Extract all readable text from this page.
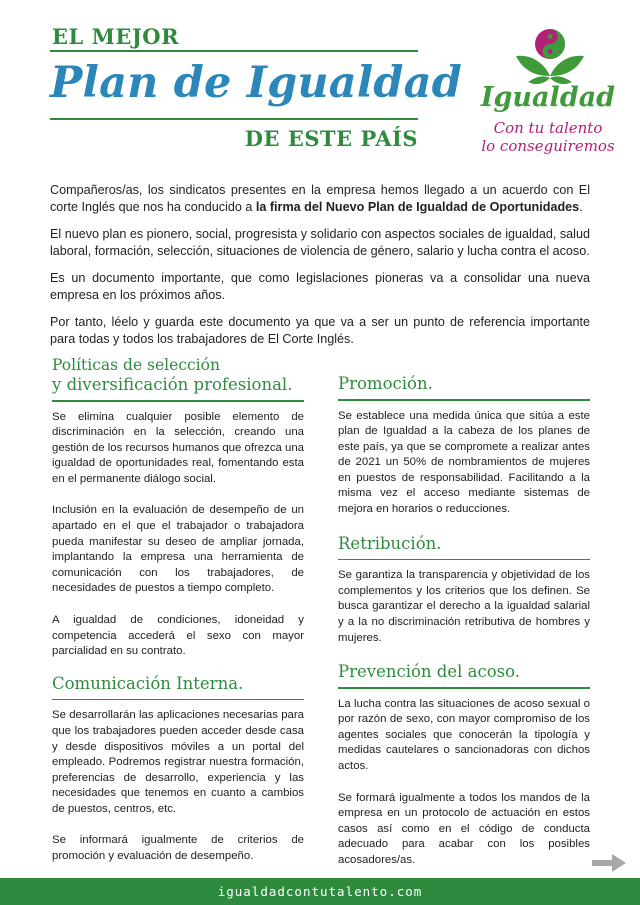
EL MEJOR
Plan de Igualdad
DE ESTE PAÍS
Igualdad
Con tu talento
lo conseguiremos

Compañeros/as, los sindicatos presentes en la empresa hemos llegado a un acuerdo con El corte Inglés que nos ha conducido a la firma del Nuevo Plan de Igualdad de Oportunidades.

El nuevo plan es pionero, social, progresista y solidario con aspectos sociales de igualdad, salud laboral, formación, selección, situaciones de violencia de género, salario y lucha contra el acoso.

Es un documento importante, que como legislaciones pioneras va a consolidar una nueva empresa en los próximos años.

Por tanto, léelo y guarda este documento ya que va a ser un punto de referencia importante para todas y todos los trabajadores de El Corte Inglés.

Políticas de selección
y diversificación profesional.

Se elimina cualquier posible elemento de discriminación en la selección, creando una gestión de los recursos humanos que ofrezca una igualdad de oportunidades real, fomentando esta en el permanente diálogo social.

Inclusión en la evaluación de desempeño de un apartado en el que el trabajador o trabajadora pueda manifestar su deseo de ampliar jornada, implantando la empresa una herramienta de comunicación con los trabajadores, de necesidades de puestos a tiempo completo.

A igualdad de condiciones, idoneidad y competencia accederá el sexo con mayor parcialidad en su contrato.

Comunicación Interna.

Se desarrollarán las aplicaciones necesarias para que los trabajadores pueden acceder desde casa y desde dispositivos móviles a un portal del empleado. Podremos registrar nuestra formación, preferencias de desarrollo, experiencia y las necesidades que tenemos en cuanto a cambios de puestos, centros, etc.

Se informará igualmente de criterios de promoción y evaluación de desempeño.

Promoción.

Se establece una medida única que sitúa a este plan de Igualdad a la cabeza de los planes de este país, ya que se compromete a realizar antes de 2021 un 50% de nombramientos de mujeres en puestos de responsabilidad. Facilitando a la misma vez el acceso mediante sistemas de mejora en horarios o reducciones.

Retribución.

Se garantiza la transparencia y objetividad de los complementos y los criterios que los definen. Se busca garantizar el derecho a la igualdad salarial y a la no discriminación retributiva de hombres y mujeres.

Prevención del acoso.

La lucha contra las situaciones de acoso sexual o por razón de sexo, con mayor compromiso de los agentes sociales que conocerán la tipología y medidas cautelares o sancionadoras con dichos actos.

Se formará igualmente a todos los mandos de la empresa en un protocolo de actuación en estos casos así como en el código de conducta adecuado para acabar con los posibles acosadores/as.

igualdadcontutalento.com
